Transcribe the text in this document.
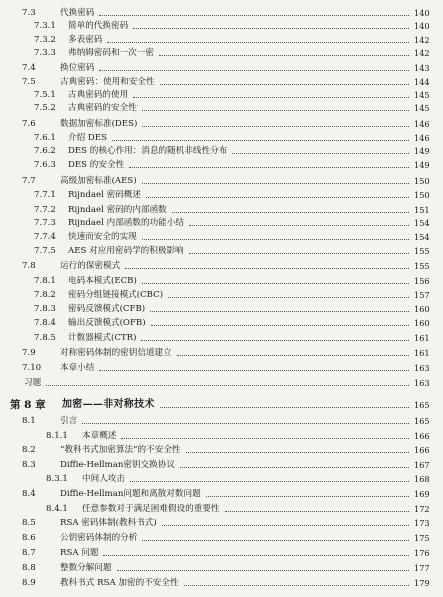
7.3	代换密码	140
7.3.1	简单的代换密码	140
7.3.2	多表密码	142
7.3.3	弗纳姆密码和一次一密	142
7.4	换位密码	143
7.5	古典密码：使用和安全性	144
7.5.1	古典密码的使用	145
7.5.2	古典密码的安全性	145
7.6	数据加密标准(DES)	146
7.6.1	介绍 DES	146
7.6.2	DES 的核心作用：消息的随机非线性分布	149
7.6.3	DES 的安全性	149
7.7	高级加密标准(AES)	150
7.7.1	Rijndael 密码概述	150
7.7.2	Rijndael 密码的内部函数	151
7.7.3	Rijndael 内部函数的功能小结	154
7.7.4	快速而安全的实现	154
7.7.5	AES 对应用密码学的积极影响	155
7.8	运行的保密模式	155
7.8.1	电码本模式(ECB)	156
7.8.2	密码分组链接模式(CBC)	157
7.8.3	密码反馈模式(CFB)	160
7.8.4	输出反馈模式(OFB)	160
7.8.5	计数器模式(CTR)	161
7.9	对称密码体制的密钥信道建立	161
7.10	本章小结	163
习题	163
第 8 章	加密——非对称技术	165
8.1	引言	165
8.1.1	本章概述	166
8.2	“教科书式加密算法”的不安全性	166
8.3	Diffie-Hellman密钥交换协议	167
8.3.1	中间人攻击	168
8.4	Diffie-Hellman问题和离散对数问题	169
8.4.1	任意参数对于满足困难假设的重要性	172
8.5	RSA 密码体制(教科书式)	173
8.6	公钥密码体制的分析	175
8.7	RSA 问题	176
8.8	整数分解问题	177
8.9	教科书式 RSA 加密的不安全性	179
